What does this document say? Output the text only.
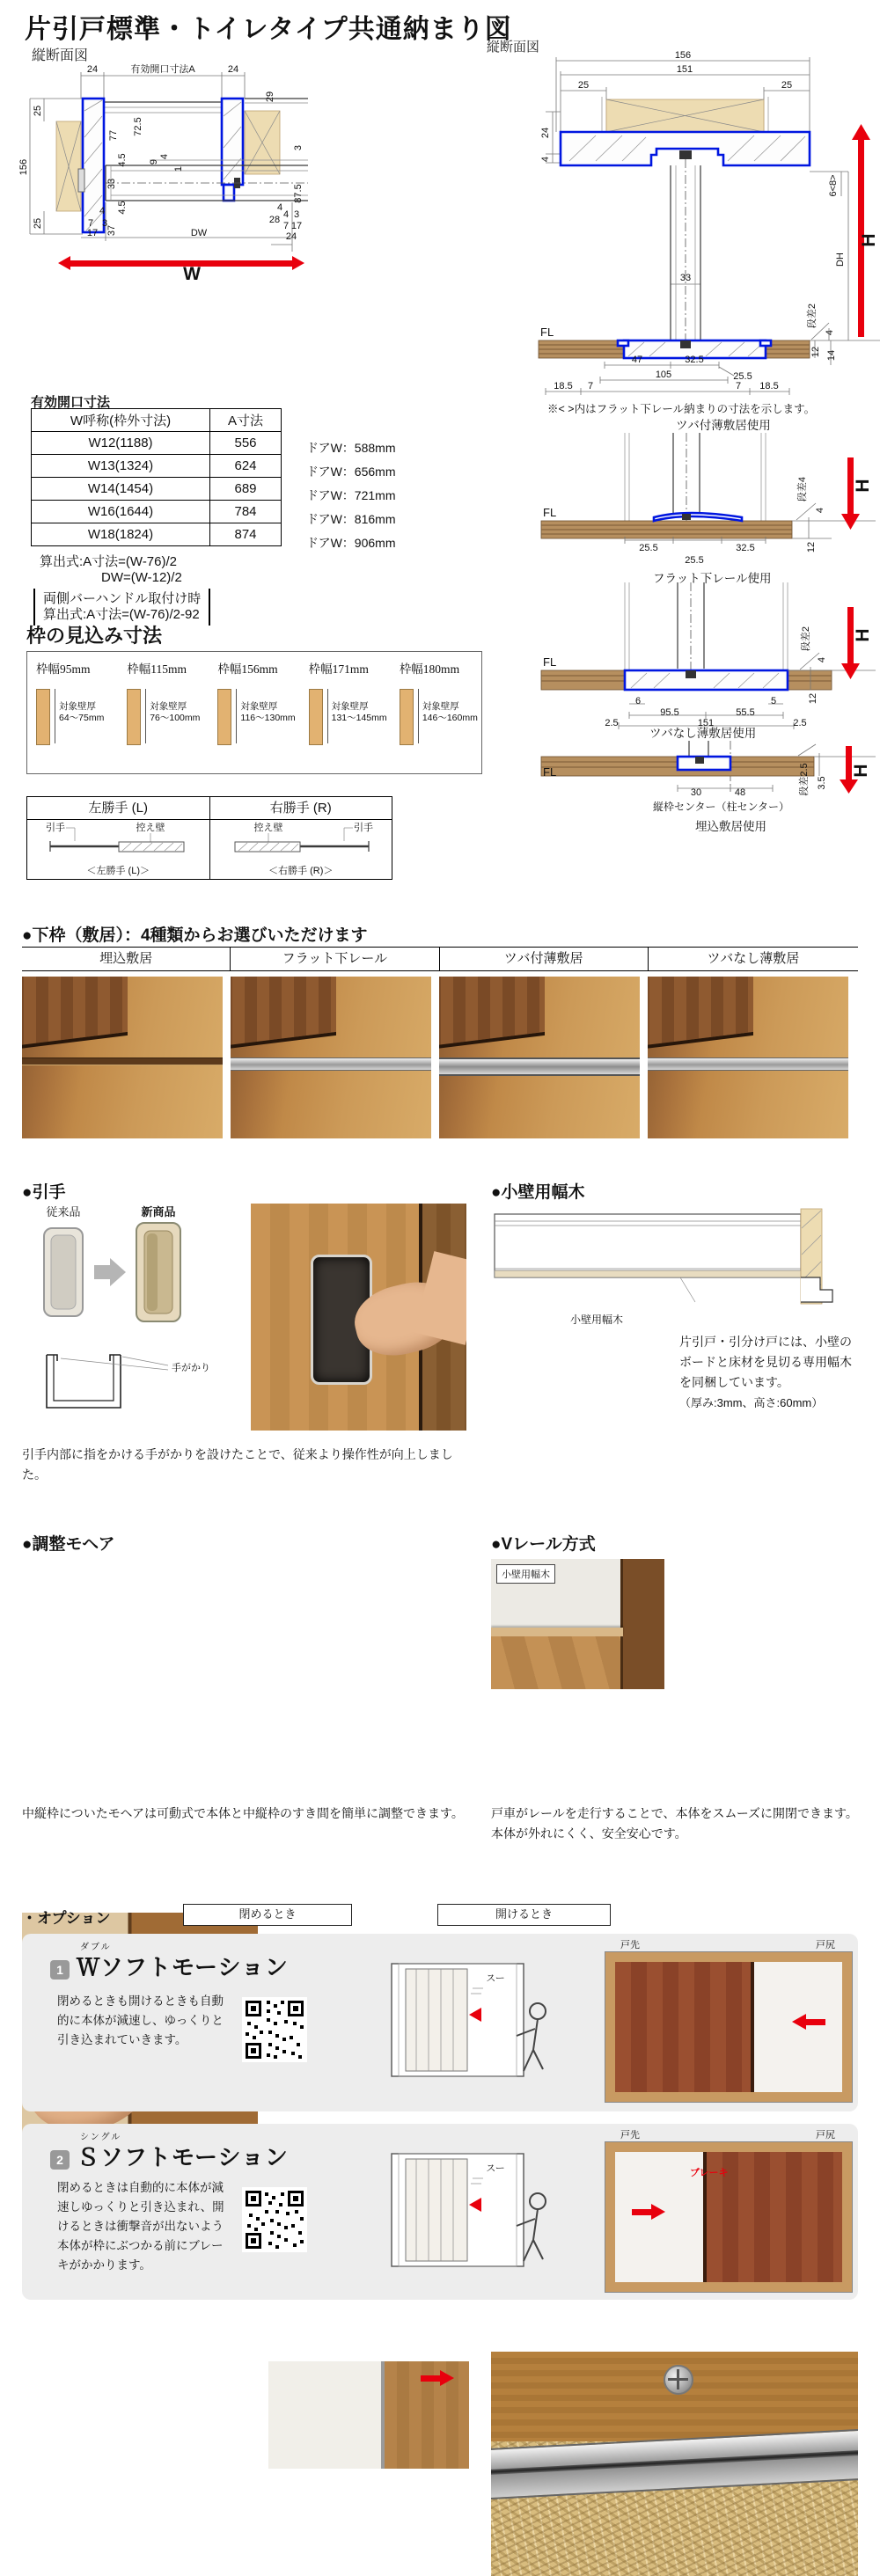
片引戸標準・トイレタイプ共通納まり図
縦断面図
24	有効開口寸法A	24
29
25
156
25
77 72.5
4.5
33
4.5
37
9
4
1
3
87.5
4
7 3
17	DW
4
28 4 3
7 17
24
W
縦断面図
156
151
25	25
24
4
33
6<8>
DH
FL
47	32.5
105	25.5
7	7
18.5	18.5
段差2
4
12 14
H
※< >内はフラット下レール納まりの寸法を示します。
ツバ付薄敷居使用
FL
25.5
25.5
32.5
段差4
4
12
H
フラット下レール使用
FL
6	5
95.5	55.5
2.5	151	2.5
段差2
4
12
H
ツバなし薄敷居使用
FL
30	48	段差2.5 3.5
H
縦枠センター（柱センター）
埋込敷居使用
有効開口寸法
W呼称(枠外寸法)	A寸法
W12(1188)	556
W13(1324)	624
W14(1454)	689
W16(1644)	784
W18(1824)	874
ドアW：588mm
ドアW：656mm
ドアW：721mm
ドアW：816mm
ドアW：906mm
算出式:A寸法=(W-76)/2
DW=(W-12)/2
両側バーハンドル取付け時
算出式:A寸法=(W-76)/2-92
枠の見込み寸法
枠幅95mm
対象壁厚
64～75mm
枠幅115mm
対象壁厚
76～100mm
枠幅156mm
対象壁厚
116～130mm
枠幅171mm
対象壁厚
131～145mm
枠幅180mm
対象壁厚
146～160mm
左勝手 (L)
引手	控え壁
＜左勝手 (L)＞
右勝手 (R)
控え壁	引手
＜右勝手 (R)＞
●下枠（敷居）：4種類からお選びいただけます
埋込敷居	フラット下レール	ツバ付薄敷居	ツバなし薄敷居
●引手
従来品	新商品
手がかり
引手内部に指をかける手がかりを設けたことで、従来より操作性が向上しました。
●小壁用幅木
小壁用幅木
小壁用幅木
片引戸・引分け戸には、小壁のボードと床材を見切る専用幅木を同梱しています。
（厚み:3mm、高さ:60mm）
●調整モヘア
中縦枠についたモヘアは可動式で本体と中縦枠のすき間を簡単に調整できます。
●Vレール方式
戸車がレールを走行することで、本体をスムーズに開閉できます。本体が外れにくく、安全安心です。
・オプション	閉めるとき	開けるとき
1
ダブル
Ｗソフトモーション
閉めるときも開けるときも自動的に本体が減速し、ゆっくりと引き込まれていきます。
スー
戸先	戸尻
2
シングル
Ｓソフトモーション
閉めるときは自動的に本体が減速しゆっくりと引き込まれ、開けるときは衝撃音が出ないよう本体が枠にぶつかる前にブレーキがかかります。
スー
戸先	戸尻
ブレーキ
